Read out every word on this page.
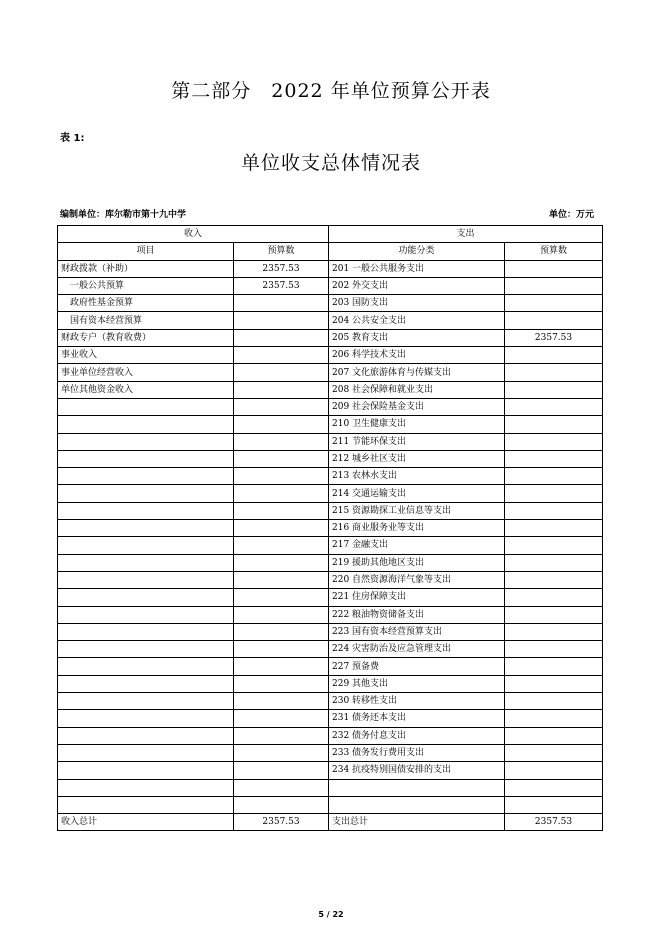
第二部分　2022 年单位预算公开表
表 1:
单位收支总体情况表
编制单位：库尔勒市第十九中学	单位：万元
收入		支出	
项目	预算数	功能分类	预算数
财政拨款（补助）	2357.53	201 一般公共服务支出	
一般公共预算	2357.53	202 外交支出	
政府性基金预算		203 国防支出	
国有资本经营预算		204 公共安全支出	
财政专户（教育收费）		205 教育支出	2357.53
事业收入		206 科学技术支出	
事业单位经营收入		207 文化旅游体育与传媒支出	
单位其他资金收入		208 社会保障和就业支出	
		209 社会保险基金支出	
		210 卫生健康支出	
		211 节能环保支出	
		212 城乡社区支出	
		213 农林水支出	
		214 交通运输支出	
		215 资源勘探工业信息等支出	
		216 商业服务业等支出	
		217 金融支出	
		219 援助其他地区支出	
		220 自然资源海洋气象等支出	
		221 住房保障支出	
		222 粮油物资储备支出	
		223 国有资本经营预算支出	
		224 灾害防治及应急管理支出	
		227 预备费	
		229 其他支出	
		230 转移性支出	
		231 债务还本支出	
		232 债务付息支出	
		233 债务发行费用支出	
		234 抗疫特别国债安排的支出	

收入总计	2357.53	支出总计	2357.53
5 / 22
